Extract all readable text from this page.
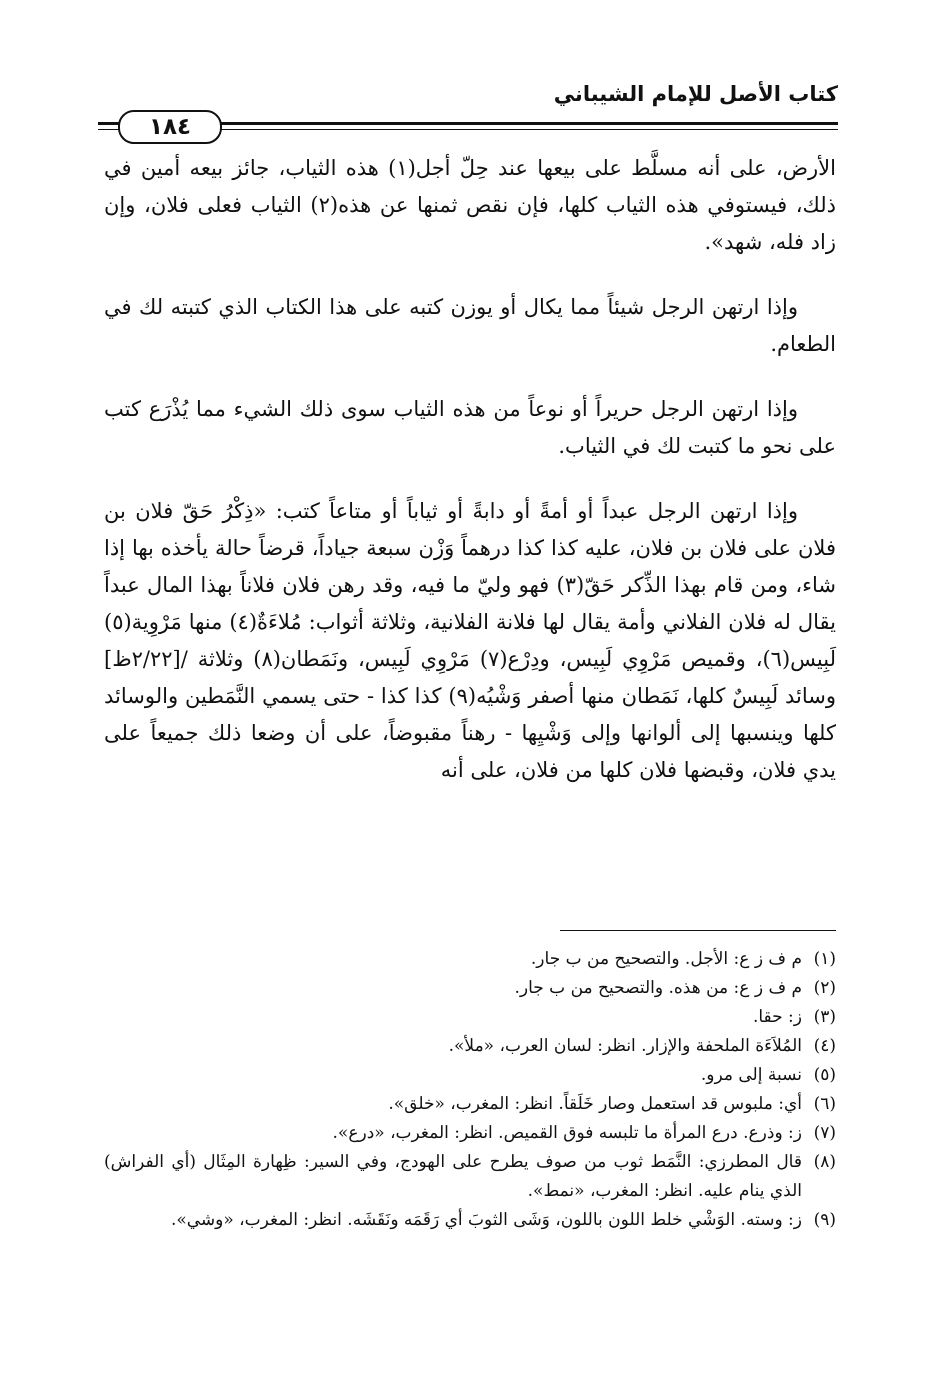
كتاب الأصل للإمام الشيباني
١٨٤

الأرض، على أنه مسلَّط على بيعها عند حِلّ أجل(١) هذه الثياب، جائز بيعه أمين في ذلك، فيستوفي هذه الثياب كلها، فإن نقص ثمنها عن هذه(٢) الثياب فعلى فلان، وإن زاد فله، شهد».

وإذا ارتهن الرجل شيئاً مما يكال أو يوزن كتبه على هذا الكتاب الذي كتبته لك في الطعام.

وإذا ارتهن الرجل حريراً أو نوعاً من هذه الثياب سوى ذلك الشيء مما يُذْرَع كتب على نحو ما كتبت لك في الثياب.

وإذا ارتهن الرجل عبداً أو أمةً أو دابةً أو ثياباً أو متاعاً كتب: «ذِكْرُ حَقّ فلان بن فلان على فلان بن فلان، عليه كذا كذا درهماً وَزْن سبعة جياداً، قرضاً حالة يأخذه بها إذا شاء، ومن قام بهذا الذِّكر حَقّ(٣) فهو وليّ ما فيه، وقد رهن فلان فلاناً بهذا المال عبداً يقال له فلان الفلاني وأمة يقال لها فلانة الفلانية، وثلاثة أثواب: مُلاءَةٌ(٤) منها مَرْوِية(٥) لَبِيس(٦)، وقميص مَرْوِي لَبِيس، ودِرْع(٧) مَرْوِي لَبِيس، ونَمَطان(٨) وثلاثة /[٢/٢٢ظ] وسائد لَبِيسٌ كلها، نَمَطان منها أصفر وَشْيُه(٩) كذا كذا - حتى يسمي النَّمَطين والوسائد كلها وينسبها إلى ألوانها وإلى وَشْيِها - رهناً مقبوضاً، على أن وضعا ذلك جميعاً على يدي فلان، وقبضها فلان كلها من فلان، على أنه

(١)
م ف ز ع: الأجل. والتصحيح من ب جار.
(٢)
م ف ز ع: من هذه. والتصحيح من ب جار.
(٣)
ز: حقا.
(٤)
المُلاَءَة الملحفة والإزار. انظر: لسان العرب، «ملأ».
(٥)
نسبة إلى مرو.
(٦)
أي: ملبوس قد استعمل وصار خَلَقاً. انظر: المغرب، «خلق».
(٧)
ز: وذرع. درع المرأة ما تلبسه فوق القميص. انظر: المغرب، «درع».
(٨)
قال المطرزي: النَّمَط ثوب من صوف يطرح على الهودج، وفي السير: ظِهارة المِثَال (أي الفراش) الذي ينام عليه. انظر: المغرب، «نمط».
(٩)
ز: وسته. الوَشْي خلط اللون باللون، وَشَى الثوبَ أي رَقَمَه ونَقَشَه. انظر: المغرب، «وشي».
